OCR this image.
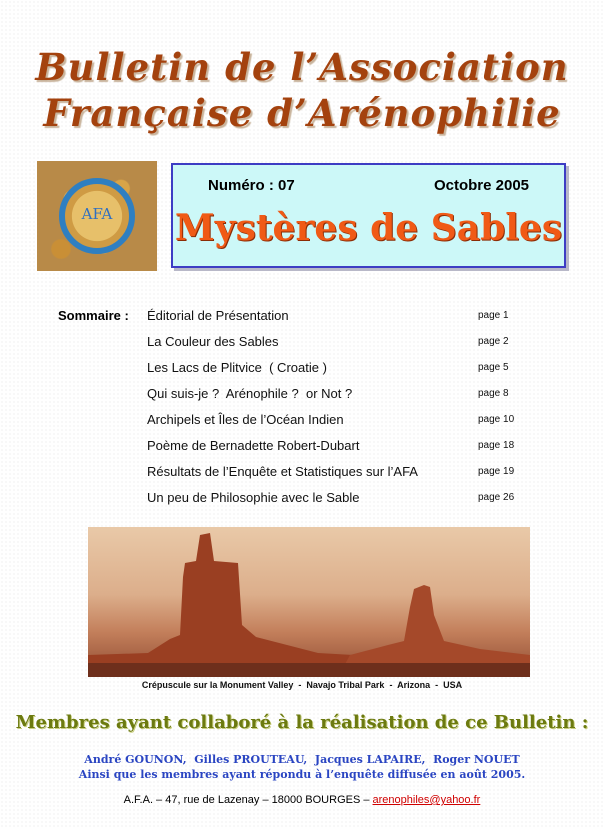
Bulletin de l’Association
Française d’Arénophilie
AFA
Numéro : 07	Octobre 2005
Mystères de Sables
Sommaire : Éditorial de Présentation	page 1
La Couleur des Sables	page 2
Les Lacs de Plitvice  ( Croatie )	page 5
Qui suis-je ?  Arénophile ?  or Not ?	page 8
Archipels et Îles de l’Océan Indien	page 10
Poème de Bernadette Robert-Dubart	page 18
Résultats de l’Enquête et Statistiques sur l’AFA	page 19
Un peu de Philosophie avec le Sable	page 26
Crépuscule sur la Monument Valley  -  Navajo Tribal Park  -  Arizona  -  USA
Membres ayant collaboré à la réalisation de ce Bulletin :
André GOUNON,  Gilles PROUTEAU,  Jacques LAPAIRE,  Roger NOUET
Ainsi que les membres ayant répondu à l’enquête diffusée en août 2005.
A.F.A. – 47, rue de Lazenay – 18000 BOURGES – arenophiles@yahoo.fr
